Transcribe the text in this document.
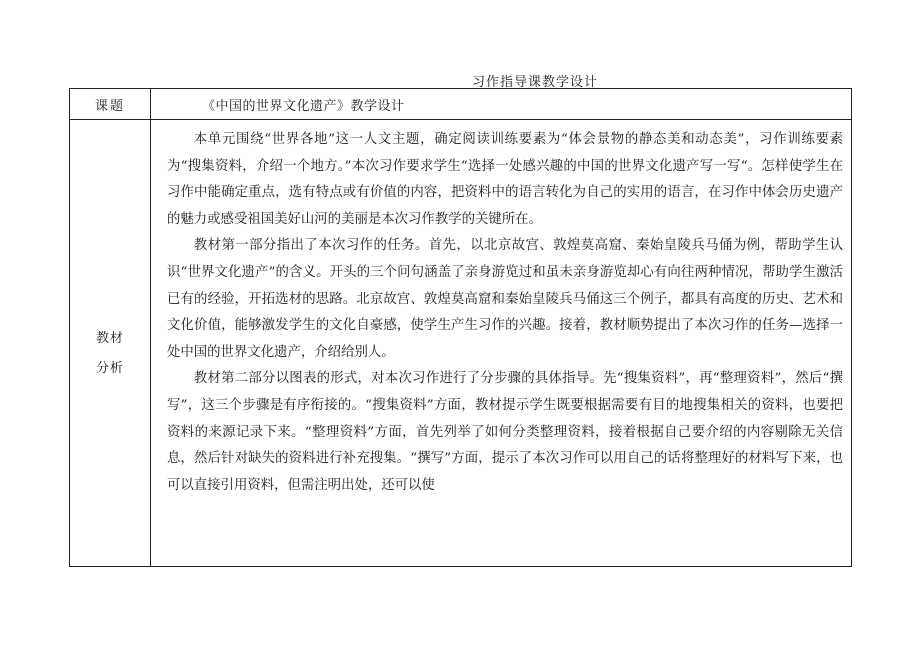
习作指导课教学设计
课题	《中国的世界文化遗产》教学设计
教材
分析

本单元围绕“世界各地”这一人文主题，确定阅读训练要素为“体会景物的静态美和动态美”，习作训练要素为“搜集资料，介绍一个地方。”本次习作要求学生“选择一处感兴趣的中国的世界文化遗产写一写“。怎样使学生在习作中能确定重点，选有特点或有价值的内容，把资料中的语言转化为自己的实用的语言，在习作中体会历史遗产的魅力或感受祖国美好山河的美丽是本次习作教学的关键所在。

教材第一部分指出了本次习作的任务。首先，以北京故宫、敦煌莫高窟、秦始皇陵兵马俑为例，帮助学生认识“世界文化遗产”的含义。开头的三个问句涵盖了亲身游览过和虽未亲身游览却心有向往两种情况，帮助学生激活已有的经验，开拓选材的思路。北京故宫、敦煌莫高窟和秦始皇陵兵马俑这三个例子，都具有高度的历史、艺术和文化价值，能够激发学生的文化自豪感，使学生产生习作的兴趣。接着，教材顺势提出了本次习作的任务—选择一处中国的世界文化遗产，介绍给别人。

教材第二部分以图表的形式，对本次习作进行了分步骤的具体指导。先“搜集资料”，再“整理资料”，然后“撰写”，这三个步骤是有序衔接的。“搜集资料”方面，教材提示学生既要根据需要有目的地搜集相关的资料，也要把资料的来源记录下来。“整理资料”方面，首先列举了如何分类整理资料，接着根据自己要介绍的内容剔除无关信息，然后针对缺失的资料进行补充搜集。“撰写”方面，提示了本次习作可以用自己的话将整理好的材料写下来，也可以直接引用资料，但需注明出处，还可以使
